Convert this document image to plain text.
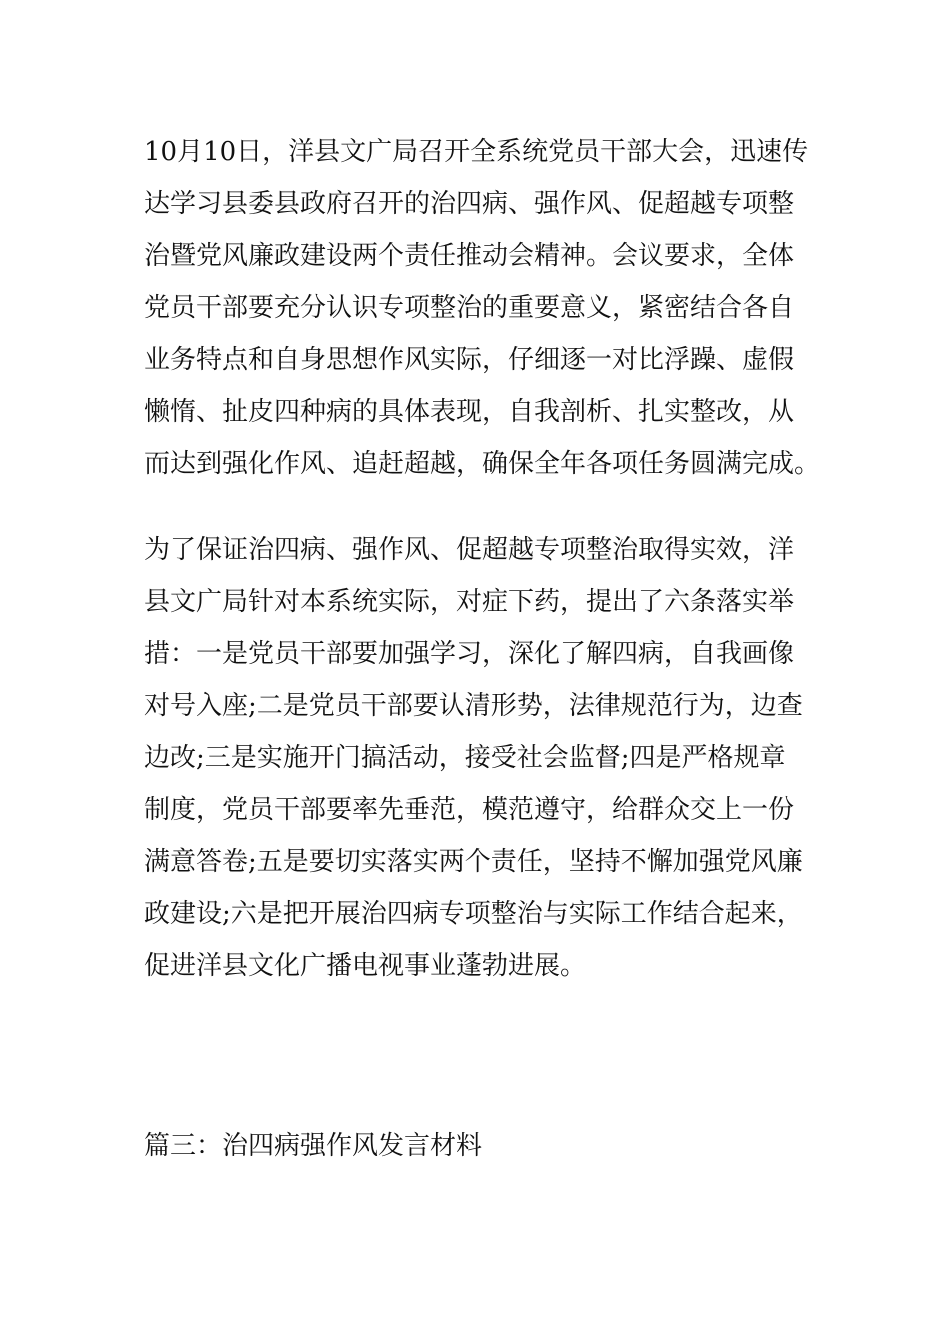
10月10日，洋县文广局召开全系统党员干部大会，迅速传
达学习县委县政府召开的治四病、强作风、促超越专项整
治暨党风廉政建设两个责任推动会精神。会议要求，全体
党员干部要充分认识专项整治的重要意义，紧密结合各自
业务特点和自身思想作风实际，仔细逐一对比浮躁、虚假
懒惰、扯皮四种病的具体表现，自我剖析、扎实整改，从
而达到强化作风、追赶超越，确保全年各项任务圆满完成。
为了保证治四病、强作风、促超越专项整治取得实效，洋
县文广局针对本系统实际，对症下药，提出了六条落实举
措：一是党员干部要加强学习，深化了解四病，自我画像
对号入座;二是党员干部要认清形势，法律规范行为，边查
边改;三是实施开门搞活动，接受社会监督;四是严格规章
制度，党员干部要率先垂范，模范遵守，给群众交上一份
满意答卷;五是要切实落实两个责任，坚持不懈加强党风廉
政建设;六是把开展治四病专项整治与实际工作结合起来，
促进洋县文化广播电视事业蓬勃进展。
篇三：治四病强作风发言材料
